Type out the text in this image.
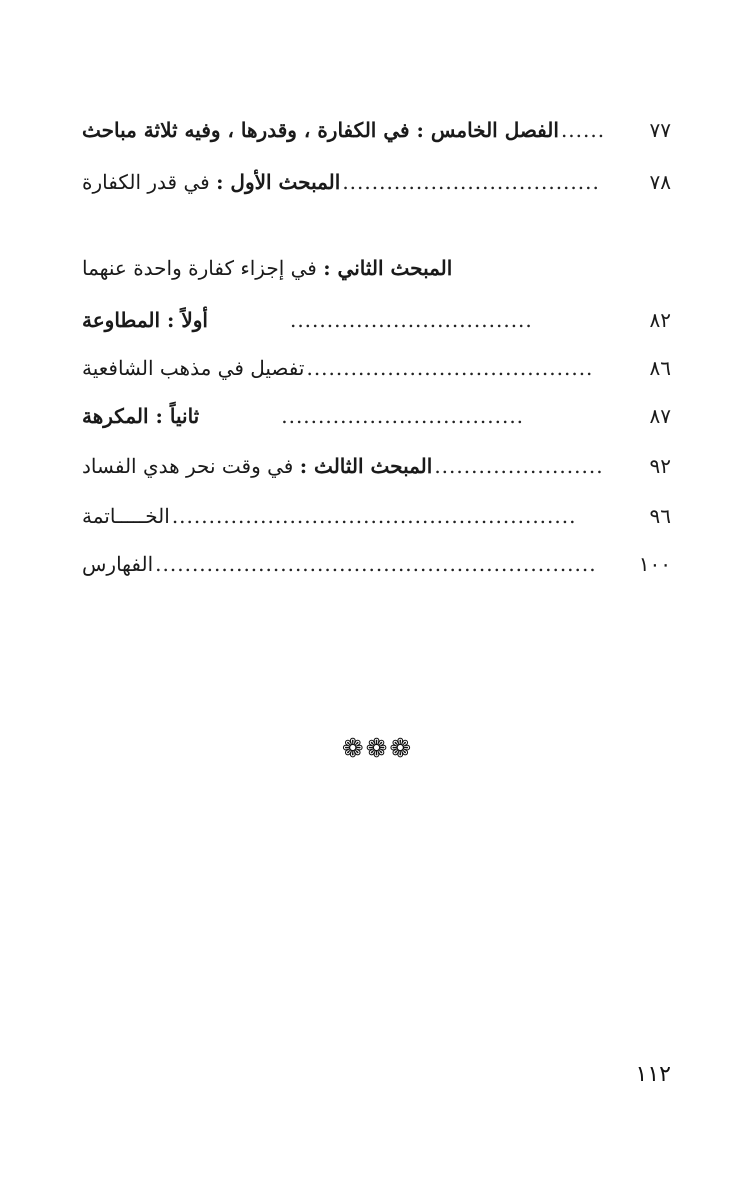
الفصل الخامس : في الكفارة ، وقدرها ، وفيه ثلاثة مباحث	......	٧٧
المبحث الأول : في قدر الكفارة	...................................	٧٨
المبحث الثاني : في إجزاء كفارة واحدة عنهما
أولاً : المطاوعة	.................................	٨٢
تفصيل في مذهب الشافعية .......................................	٨٦
ثانياً : المكرهة	.................................	٨٧
المبحث الثالث : في وقت نحر هدي الفساد	.......................	٩٢
الخـــــاتمة .......................................................	٩٦
الفهارس ............................................................	١٠٠
❁❁❁
١١٢
